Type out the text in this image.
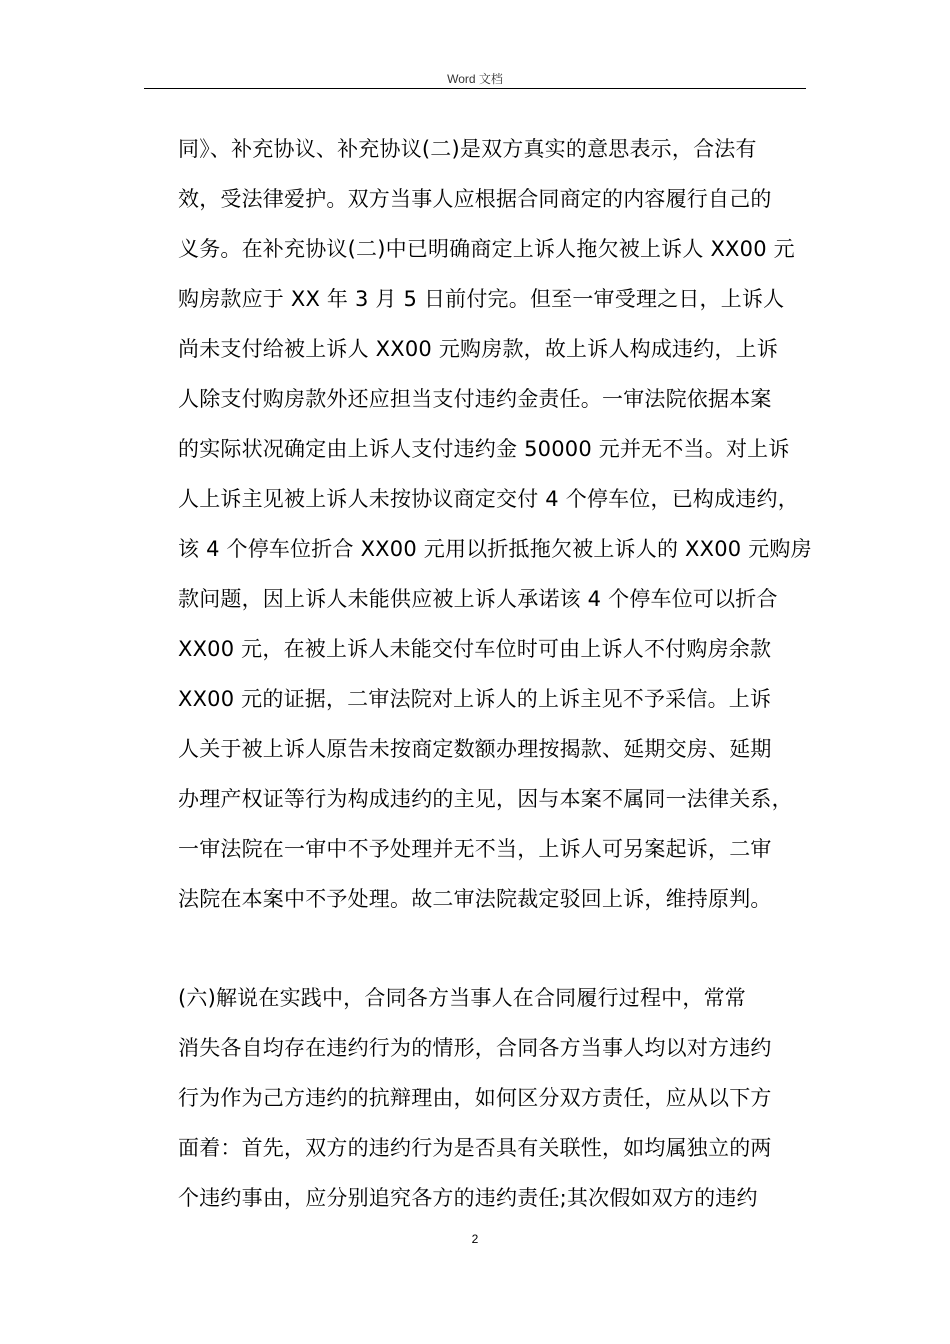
Word 文档
同》、补充协议、补充协议(二)是双方真实的意思表示，合法有
效，受法律爱护。双方当事人应根据合同商定的内容履行自己的
义务。在补充协议(二)中已明确商定上诉人拖欠被上诉人 XX00 元
购房款应于 XX 年 3 月 5 日前付完。但至一审受理之日，上诉人
尚未支付给被上诉人 XX00 元购房款，故上诉人构成违约，上诉
人除支付购房款外还应担当支付违约金责任。一审法院依据本案
的实际状况确定由上诉人支付违约金 50000 元并无不当。对上诉
人上诉主见被上诉人未按协议商定交付 4 个停车位，已构成违约，
该 4 个停车位折合 XX00 元用以折抵拖欠被上诉人的 XX00 元购房
款问题，因上诉人未能供应被上诉人承诺该 4 个停车位可以折合
XX00 元，在被上诉人未能交付车位时可由上诉人不付购房余款
XX00 元的证据，二审法院对上诉人的上诉主见不予采信。上诉
人关于被上诉人原告未按商定数额办理按揭款、延期交房、延期
办理产权证等行为构成违约的主见，因与本案不属同一法律关系，
一审法院在一审中不予处理并无不当，上诉人可另案起诉，二审
法院在本案中不予处理。故二审法院裁定驳回上诉，维持原判。
(六)解说在实践中，合同各方当事人在合同履行过程中，常常
消失各自均存在违约行为的情形，合同各方当事人均以对方违约
行为作为己方违约的抗辩理由，如何区分双方责任，应从以下方
面着：首先，双方的违约行为是否具有关联性，如均属独立的两
个违约事由，应分别追究各方的违约责任;其次假如双方的违约
2
